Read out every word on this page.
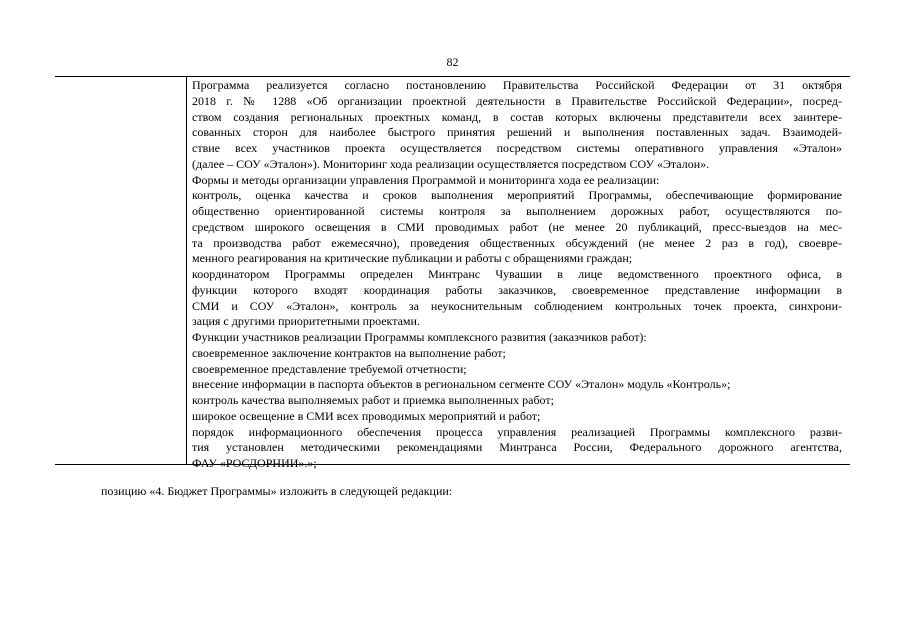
82
Программа реализуется согласно постановлению Правительства Российской Федерации от 31 октября
2018 г. № 1288 «Об организации проектной деятельности в Правительстве Российской Федерации», посред-
ством создания региональных проектных команд, в состав которых включены представители всех заинтере-
сованных сторон для наиболее быстрого принятия решений и выполнения поставленных задач. Взаимодей-
ствие всех участников проекта осуществляется посредством системы оперативного управления «Эталон»
(далее – СОУ «Эталон»). Мониторинг хода реализации осуществляется посредством СОУ «Эталон».
Формы и методы организации управления Программой и мониторинга хода ее реализации:
контроль, оценка качества и сроков выполнения мероприятий Программы, обеспечивающие формирование
общественно ориентированной системы контроля за выполнением дорожных работ, осуществляются по-
средством широкого освещения в СМИ проводимых работ (не менее 20 публикаций, пресс-выездов на мес-
та производства работ ежемесячно), проведения общественных обсуждений (не менее 2 раз в год), своевре-
менного реагирования на критические публикации и работы с обращениями граждан;
координатором Программы определен Минтранс Чувашии в лице ведомственного проектного офиса, в
функции которого входят координация работы заказчиков, своевременное представление информации в
СМИ и СОУ «Эталон», контроль за неукоснительным соблюдением контрольных точек проекта, синхрони-
зация с другими приоритетными проектами.
Функции участников реализации Программы комплексного развития (заказчиков работ):
своевременное заключение контрактов на выполнение работ;
своевременное представление требуемой отчетности;
внесение информации в паспорта объектов в региональном сегменте СОУ «Эталон» модуль «Контроль»;
контроль качества выполняемых работ и приемка выполненных работ;
широкое освещение в СМИ всех проводимых мероприятий и работ;
порядок информационного обеспечения процесса управления реализацией Программы комплексного разви-
тия установлен методическими рекомендациями Минтранса России, Федерального дорожного агентства,
ФАУ «РОСДОРНИИ».»;
позицию «4. Бюджет Программы» изложить в следующей редакции:
